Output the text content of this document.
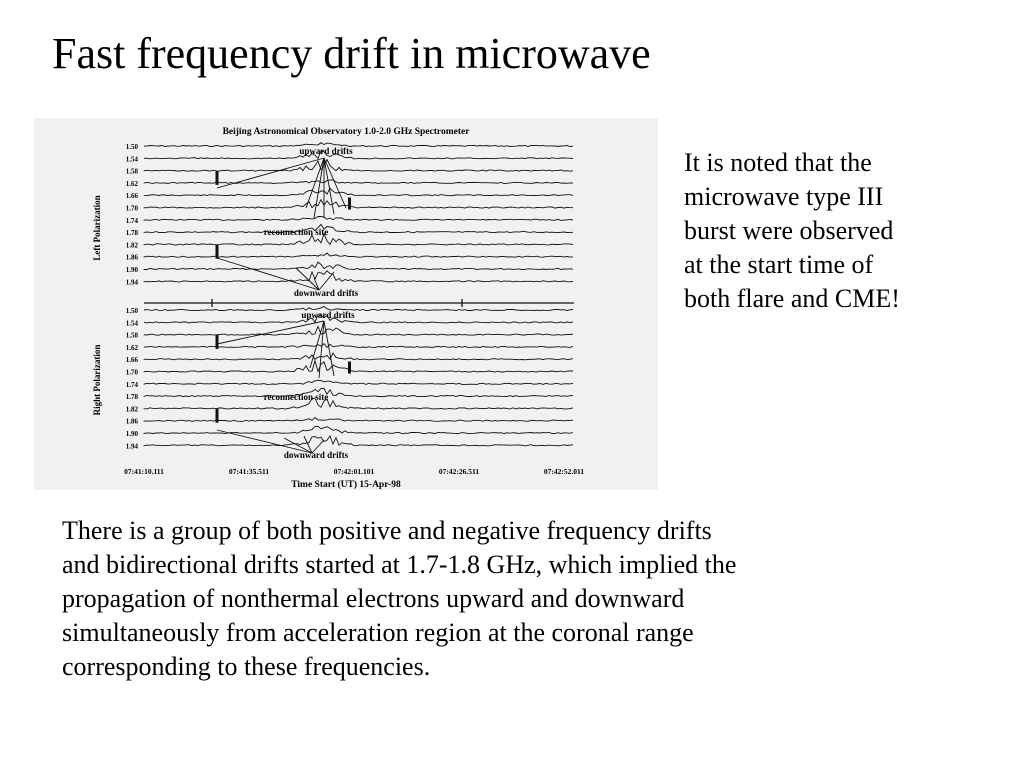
Fast frequency drift in microwave
Beijing Astronomical Observatory 1.0-2.0 GHz Spectrometer
1.50
1.54
1.58
1.62
1.66
1.70
1.74
1.78
1.82
1.86
1.90
1.94
1.50
1.54
1.58
1.62
1.66
1.70
1.74
1.78
1.82
1.86
1.90
1.94
Left Polarization
Right Polarization
upward drifts
reconnection site
downward drifts
upward drifts
reconnection site
downward drifts
07:41:10.111	07:41:35.511	07:42:01.101	07:42:26.511	07:42:52.011
Time Start (UT) 15-Apr-98

It is noted that the

microwave type III

burst were observed

at the start time of

both flare and CME!

There is a group of both positive and negative frequency drifts

and bidirectional drifts started at 1.7-1.8 GHz, which implied the

propagation of nonthermal electrons upward and downward

simultaneously from acceleration region at the coronal range

corresponding to these frequencies.
